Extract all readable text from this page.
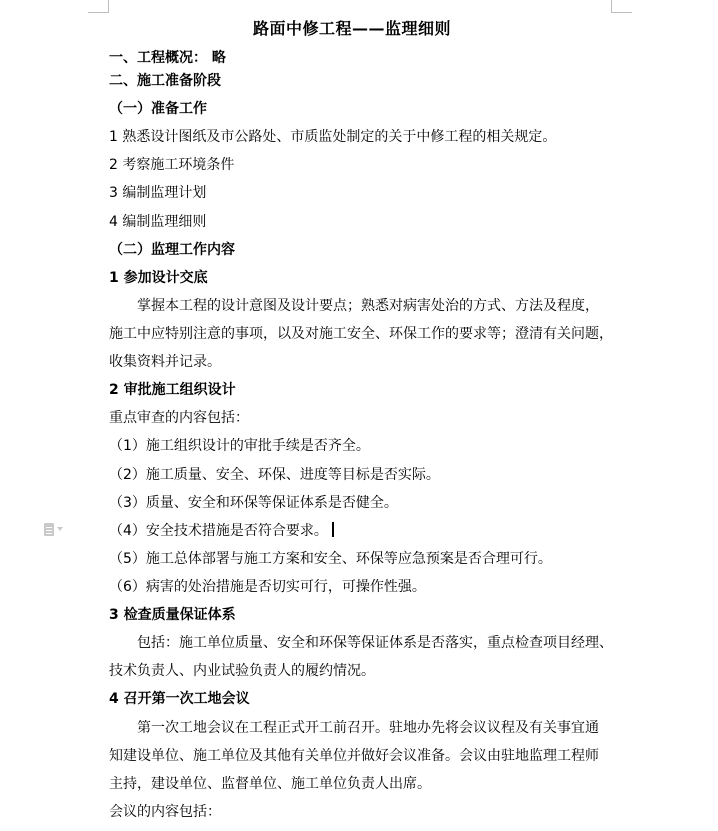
路面中修工程——监理细则
一、工程概况： 略
二、施工准备阶段
（一）准备工作
1 熟悉设计图纸及市公路处、市质监处制定的关于中修工程的相关规定。
2 考察施工环境条件
3 编制监理计划
4 编制监理细则
（二）监理工作内容
1 参加设计交底
掌握本工程的设计意图及设计要点；熟悉对病害处治的方式、方法及程度，
施工中应特别注意的事项，以及对施工安全、环保工作的要求等；澄清有关问题，
收集资料并记录。
2 审批施工组织设计
重点审查的内容包括：
（1）施工组织设计的审批手续是否齐全。
（2）施工质量、安全、环保、进度等目标是否实际。
（3）质量、安全和环保等保证体系是否健全。
（4）安全技术措施是否符合要求。
（5）施工总体部署与施工方案和安全、环保等应急预案是否合理可行。
（6）病害的处治措施是否切实可行，可操作性强。
3 检查质量保证体系
包括：施工单位质量、安全和环保等保证体系是否落实，重点检查项目经理、
技术负责人、内业试验负责人的履约情况。
4 召开第一次工地会议
第一次工地会议在工程正式开工前召开。驻地办先将会议议程及有关事宜通
知建设单位、施工单位及其他有关单位并做好会议准备。会议由驻地监理工程师
主持，建设单位、监督单位、施工单位负责人出席。
会议的内容包括：
